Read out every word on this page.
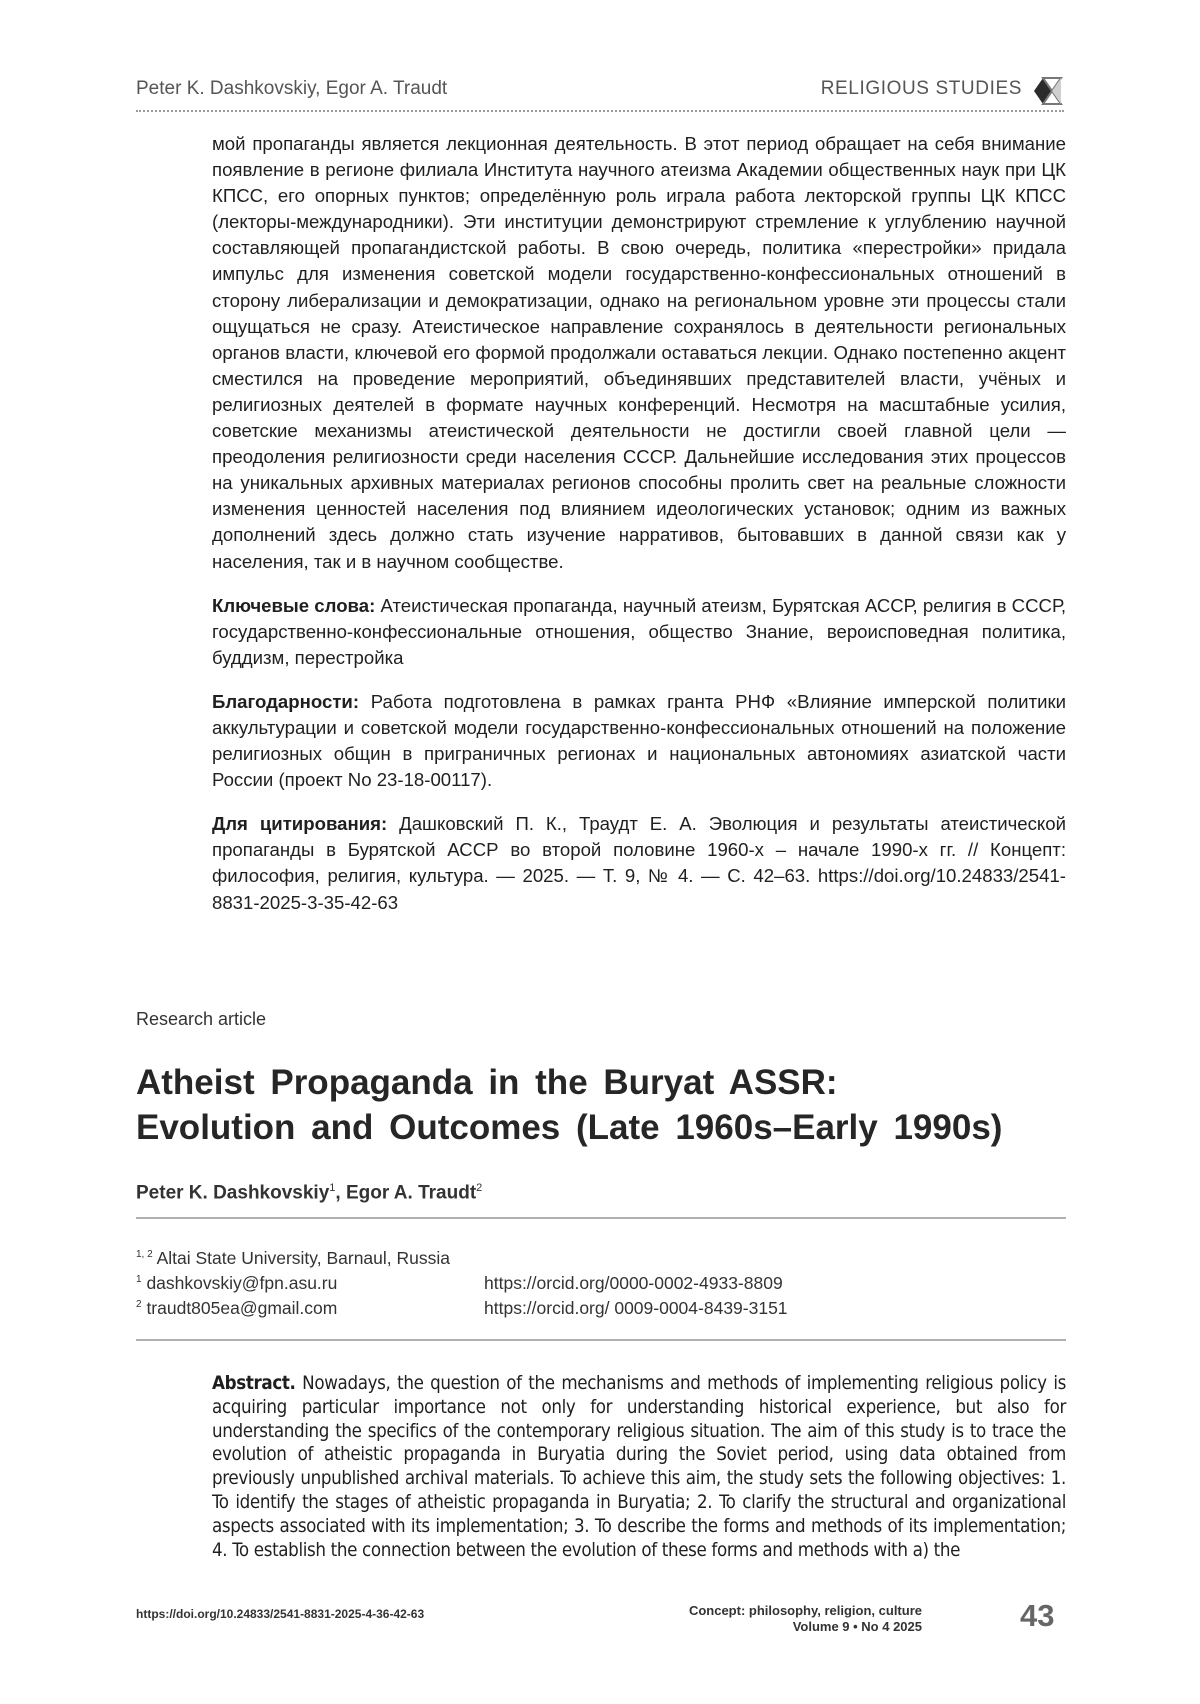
Peter K. Dashkovskiy, Egor A. Traudt	RELIGIOUS STUDIES

мой пропаганды является лекционная деятельность. В этот период обращает на себя внимание появление в регионе филиала Института научного атеизма Академии общественных наук при ЦК КПСС, его опорных пунктов; определённую роль играла работа лекторской группы ЦК КПСС (лекторы-международники). Эти институции демонстрируют стремление к углублению научной составляющей пропагандистской работы. В свою очередь, политика «перестройки» придала импульс для изменения советской модели государственно-конфессиональных отношений в сторону либерализации и демократизации, однако на региональном уровне эти процессы стали ощущаться не сразу. Атеистическое направление сохранялось в деятельности региональных органов власти, ключевой его формой продолжали оставаться лекции. Однако постепенно акцент сместился на проведение мероприятий, объединявших представителей власти, учёных и религиозных деятелей в формате научных конференций. Несмотря на масштабные усилия, советские механизмы атеистической деятельности не достигли своей главной цели — преодоления религиозности среди населения СССР. Дальнейшие исследования этих процессов на уникальных архивных материалах регионов способны пролить свет на реальные сложности изменения ценностей населения под влиянием идеологических установок; одним из важных дополнений здесь должно стать изучение нарративов, бытовавших в данной связи как у населения, так и в научном сообществе.

Ключевые слова: Атеистическая пропаганда, научный атеизм, Бурятская АССР, религия в СССР, государственно-конфессиональные отношения, общество Знание, вероисповедная политика, буддизм, перестройка

Благодарности: Работа подготовлена в рамках гранта РНФ «Влияние имперской политики аккультурации и советской модели государственно-конфессиональных отношений на положение религиозных общин в приграничных регионах и национальных автономиях азиатской части России (проект No 23-18-00117).

Для цитирования: Дашковский П. К., Траудт Е. А. Эволюция и результаты атеистической пропаганды в Бурятской АССР во второй половине 1960-х – начале 1990-х гг. // Концепт: философия, религия, культура. — 2025. — Т. 9, № 4. — С. 42–63. https://doi.org/10.24833/2541-8831-2025-3-35-42-63

Research article
Atheist Propaganda in the Buryat ASSR:
Evolution and Outcomes (Late 1960s–Early 1990s)
Peter K. Dashkovskiy$^1$, Egor A. Traudt$^2$
$^{1, 2}$ Altai State University, Barnaul, Russia
$^1$ dashkovskiy@fpn.asu.ru	https://orcid.org/0000-0002-4933-8809
$^2$ traudt805ea@gmail.com	https://orcid.org/ 0009-0004-8439-3151

Abstract. Nowadays, the question of the mechanisms and methods of implementing religious policy is acquiring particular importance not only for understanding historical experience, but also for understanding the specifics of the contemporary religious situation. The aim of this study is to trace the evolution of atheistic propaganda in Buryatia during the Soviet period, using data obtained from previously unpublished archival materials. To achieve this aim, the study sets the following objectives: 1. To identify the stages of atheistic propaganda in Buryatia; 2. To clarify the structural and organizational aspects associated with its implementation; 3. To describe the forms and methods of its implementation; 4. To establish the connection between the evolution of these forms and methods with a) the

https://doi.org/10.24833/2541-8831-2025-4-36-42-63	Concept: philosophy, religion, culture
Volume 9 • No 4 2025	43
